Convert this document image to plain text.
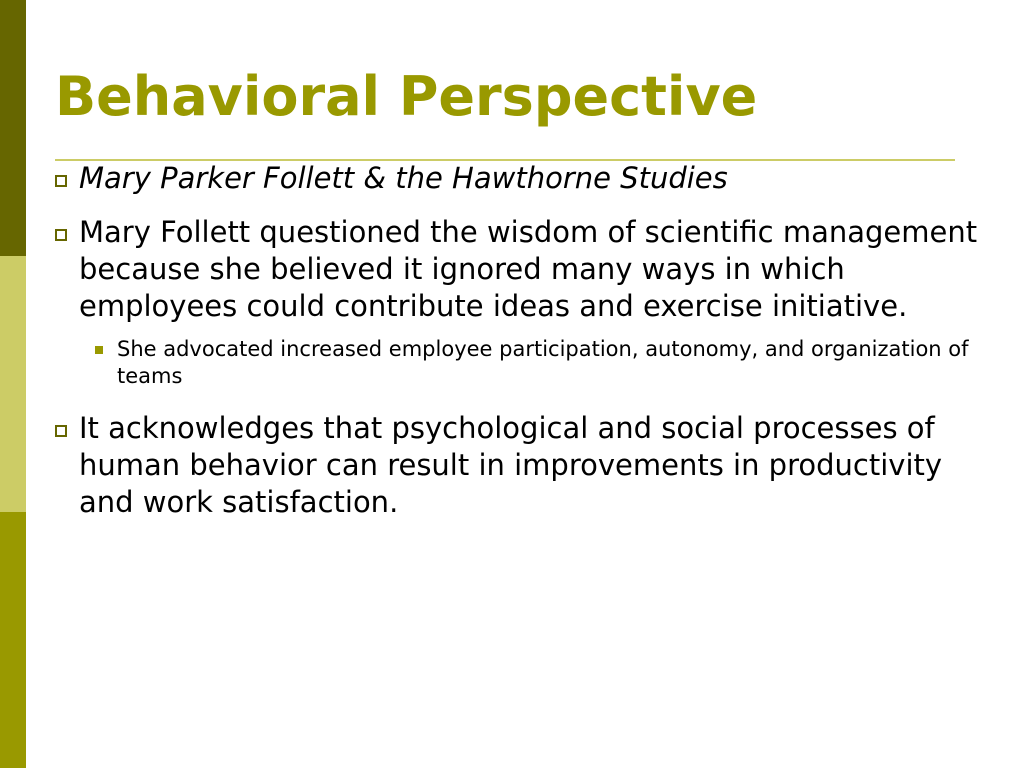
Behavioral Perspective
Mary Parker Follett & the Hawthorne Studies
Mary Follett questioned the wisdom of scientific management because she believed it ignored many ways in which employees could contribute ideas and exercise initiative.
She advocated increased employee participation, autonomy, and organization of teams
It acknowledges that psychological and social processes of human behavior can result in improvements in productivity and work satisfaction.
